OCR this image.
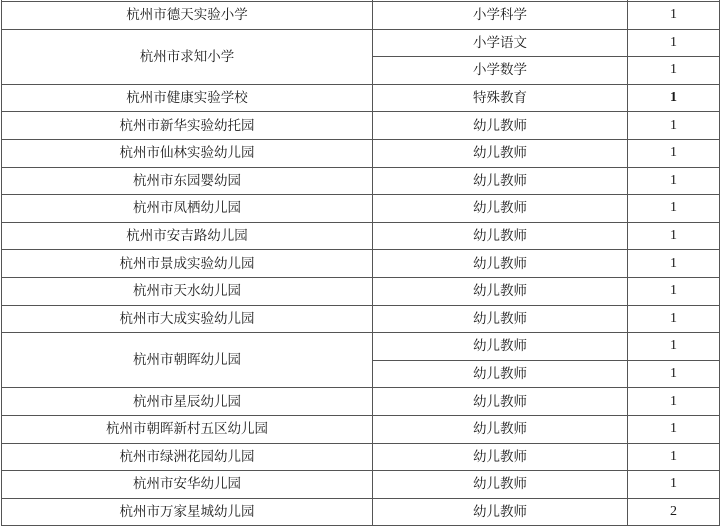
杭州市德天实验小学	小学科学	1
杭州市求知小学	小学语文	1
	小学数学	1
杭州市健康实验学校	特殊教育	1
杭州市新华实验幼托园	幼儿教师	1
杭州市仙林实验幼儿园	幼儿教师	1
杭州市东园婴幼园	幼儿教师	1
杭州市凤栖幼儿园	幼儿教师	1
杭州市安吉路幼儿园	幼儿教师	1
杭州市景成实验幼儿园	幼儿教师	1
杭州市天水幼儿园	幼儿教师	1
杭州市大成实验幼儿园	幼儿教师	1
杭州市朝晖幼儿园	幼儿教师	1
	幼儿教师	1
杭州市星辰幼儿园	幼儿教师	1
杭州市朝晖新村五区幼儿园	幼儿教师	1
杭州市绿洲花园幼儿园	幼儿教师	1
杭州市安华幼儿园	幼儿教师	1
杭州市万家星城幼儿园	幼儿教师	2
